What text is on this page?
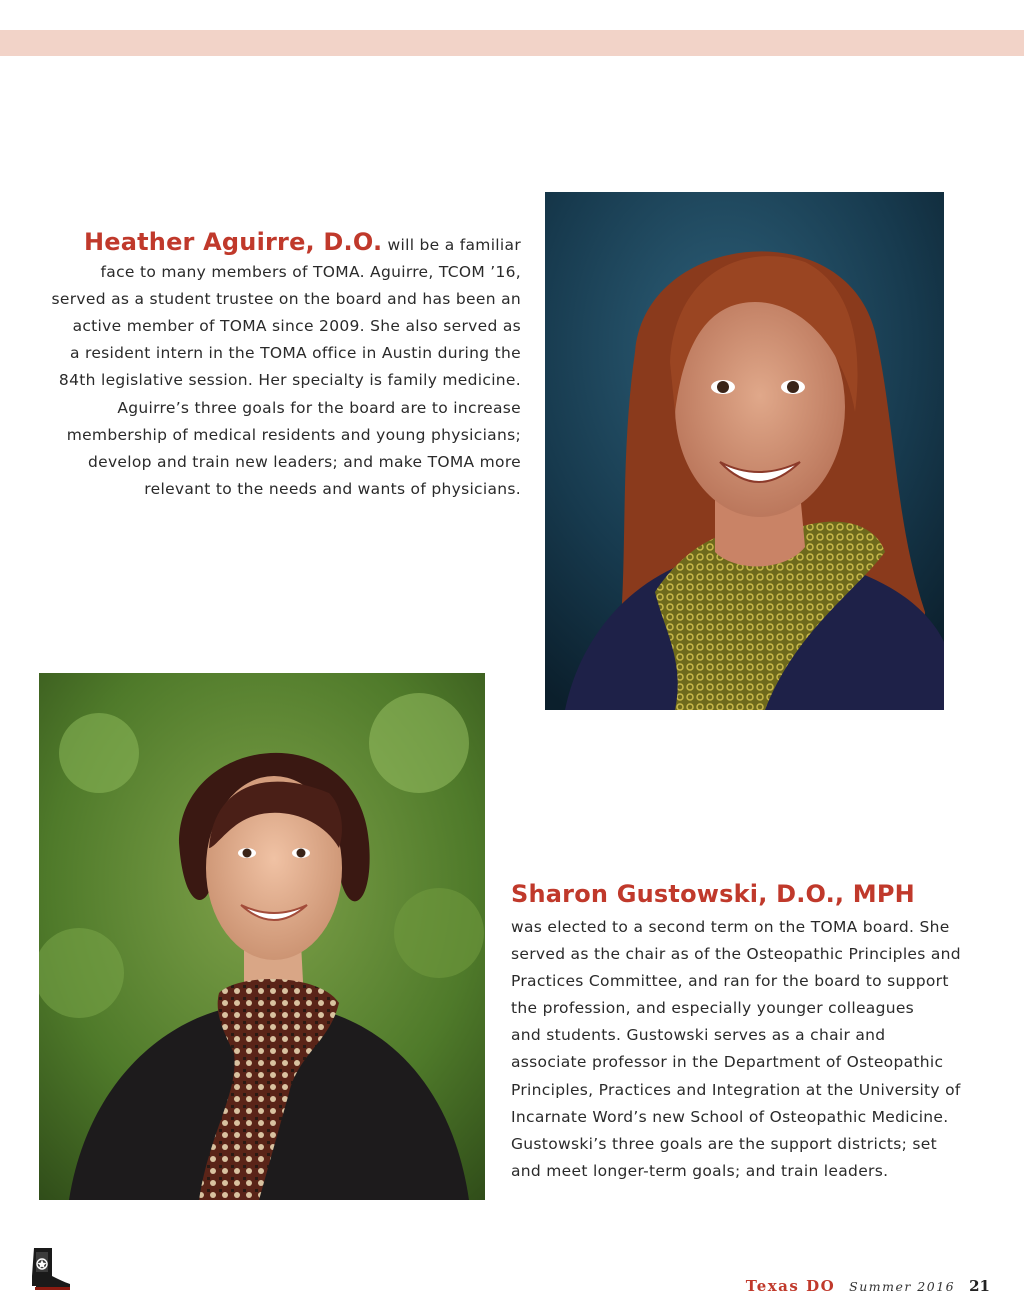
Heather Aguirre, D.O. will be a familiar
face to many members of TOMA. Aguirre, TCOM ’16,
served as a student trustee on the board and has been an
active member of TOMA since 2009. She also served as
a resident intern in the TOMA office in Austin during the
84th legislative session. Her specialty is family medicine.
Aguirre’s three goals for the board are to increase
membership of medical residents and young physicians;
develop and train new leaders; and make TOMA more
relevant to the needs and wants of physicians.
Sharon Gustowski, D.O., MPH
was elected to a second term on the TOMA board. She
served as the chair as of the Osteopathic Principles and
Practices Committee, and ran for the board to support
the profession, and especially younger colleagues
and students. Gustowski serves as a chair and
associate professor in the Department of Osteopathic
Principles, Practices and Integration at the University of
Incarnate Word’s new School of Osteopathic Medicine.
Gustowski’s three goals are the support districts; set
and meet longer-term goals; and train leaders.
Texas DO Summer 2016 21
